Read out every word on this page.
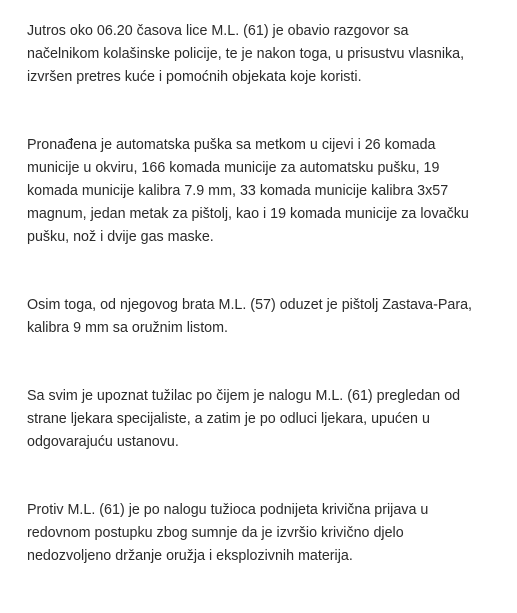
Jutros oko 06.20 časova lice M.L. (61) je obavio razgovor sa
načelnikom kolašinske policije, te je nakon toga, u prisustvu vlasnika,
izvršen pretres kuće i pomoćnih objekata koje koristi.

Pronađena je automatska puška sa metkom u cijevi i 26 komada
municije u okviru, 166 komada municije za automatsku pušku, 19
komada municije kalibra 7.9 mm, 33 komada municije kalibra 3x57
magnum, jedan metak za pištolj, kao i 19 komada municije za lovačku
pušku, nož i dvije gas maske.

Osim toga, od njegovog brata M.L. (57) oduzet je pištolj Zastava-Para,
kalibra 9 mm sa oružnim listom.

Sa svim je upoznat tužilac po čijem je nalogu M.L. (61) pregledan od
strane ljekara specijaliste, a zatim je po odluci ljekara, upućen u
odgovarajuću ustanovu.

Protiv M.L. (61) je po nalogu tužioca podnijeta krivična prijava u
redovnom postupku zbog sumnje da je izvršio krivično djelo
nedozvoljeno držanje oružja i eksplozivnih materija.
